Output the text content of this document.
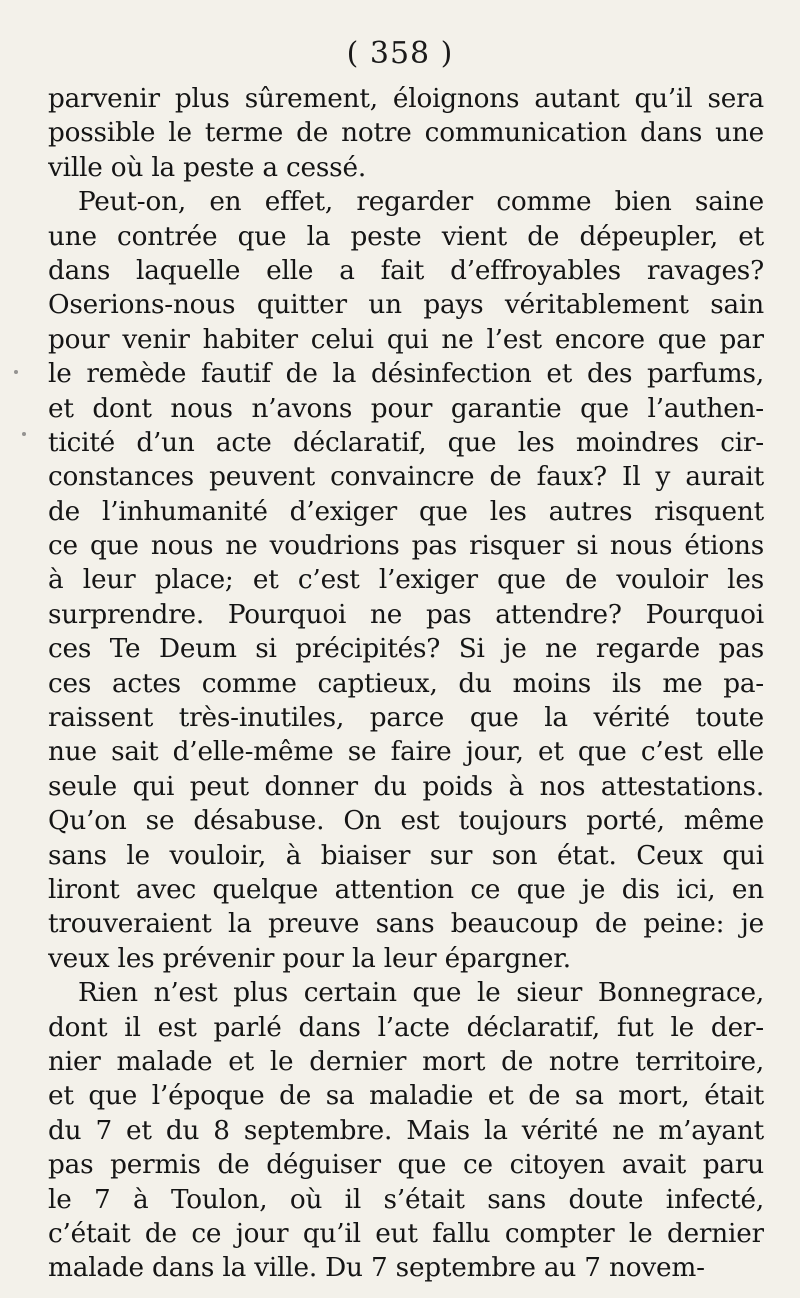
( 358 )
parvenir plus sûrement, éloignons autant qu’il sera
possible le terme de notre communication dans une
ville où la peste a cessé.
Peut-on, en effet, regarder comme bien saine
une contrée que la peste vient de dépeupler, et
dans laquelle elle a fait d’effroyables ravages?
Oserions-nous quitter un pays véritablement sain
pour venir habiter celui qui ne l’est encore que par
le remède fautif de la désinfection et des parfums,
et dont nous n’avons pour garantie que l’authen-
ticité d’un acte déclaratif, que les moindres cir-
constances peuvent convaincre de faux? Il y aurait
de l’inhumanité d’exiger que les autres risquent
ce que nous ne voudrions pas risquer si nous étions
à leur place; et c’est l’exiger que de vouloir les
surprendre. Pourquoi ne pas attendre? Pourquoi
ces Te Deum si précipités? Si je ne regarde pas
ces actes comme captieux, du moins ils me pa-
raissent très-inutiles, parce que la vérité toute
nue sait d’elle-même se faire jour, et que c’est elle
seule qui peut donner du poids à nos attestations.
Qu’on se désabuse. On est toujours porté, même
sans le vouloir, à biaiser sur son état. Ceux qui
liront avec quelque attention ce que je dis ici, en
trouveraient la preuve sans beaucoup de peine: je
veux les prévenir pour la leur épargner.
Rien n’est plus certain que le sieur Bonnegrace,
dont il est parlé dans l’acte déclaratif, fut le der-
nier malade et le dernier mort de notre territoire,
et que l’époque de sa maladie et de sa mort, était
du 7 et du 8 septembre. Mais la vérité ne m’ayant
pas permis de déguiser que ce citoyen avait paru
le 7 à Toulon, où il s’était sans doute infecté,
c’était de ce jour qu’il eut fallu compter le dernier
malade dans la ville. Du 7 septembre au 7 novem-
